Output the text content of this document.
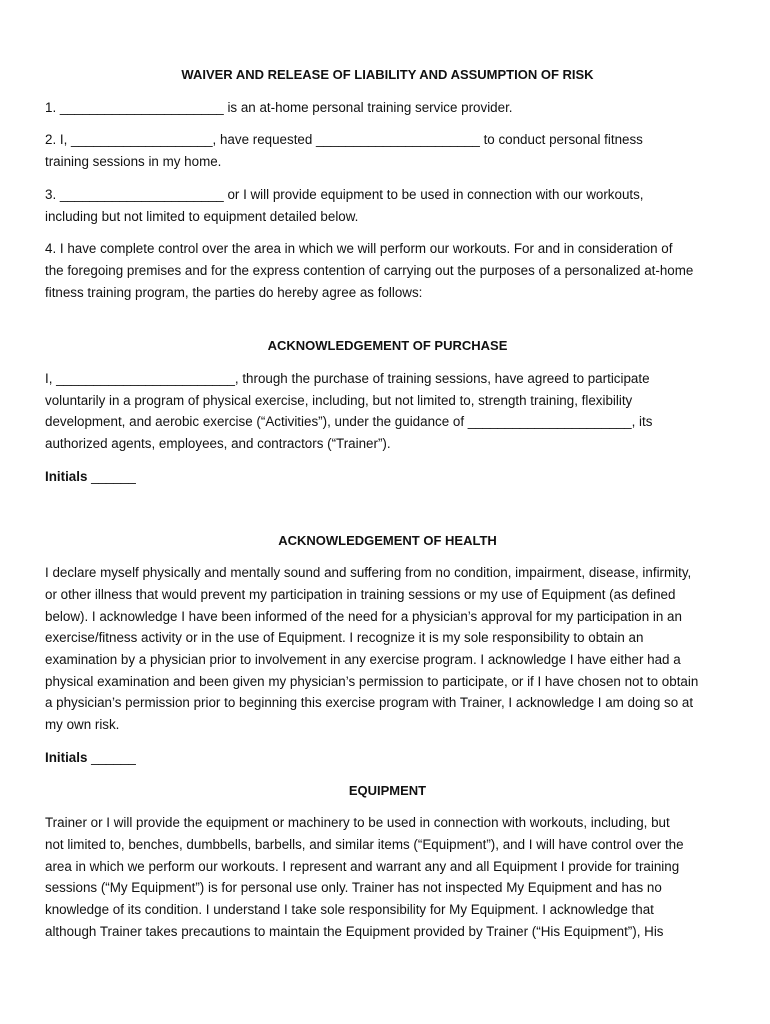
WAIVER AND RELEASE OF LIABILITY AND ASSUMPTION OF RISK
1. ______________________ is an at-home personal training service provider.
2. I, ___________________, have requested ______________________ to conduct personal fitness
training sessions in my home.
3. ______________________ or I will provide equipment to be used in connection with our workouts,
including but not limited to equipment detailed below.
4. I have complete control over the area in which we will perform our workouts. For and in consideration of
the foregoing premises and for the express contention of carrying out the purposes of a personalized at-home
fitness training program, the parties do hereby agree as follows:
ACKNOWLEDGEMENT OF PURCHASE
I, ________________________, through the purchase of training sessions, have agreed to participate
voluntarily in a program of physical exercise, including, but not limited to, strength training, flexibility
development, and aerobic exercise (“Activities”), under the guidance of ______________________, its
authorized agents, employees, and contractors (“Trainer”).
Initials ______
ACKNOWLEDGEMENT OF HEALTH
I declare myself physically and mentally sound and suffering from no condition, impairment, disease, infirmity,
or other illness that would prevent my participation in training sessions or my use of Equipment (as defined
below). I acknowledge I have been informed of the need for a physician’s approval for my participation in an
exercise/fitness activity or in the use of Equipment. I recognize it is my sole responsibility to obtain an
examination by a physician prior to involvement in any exercise program. I acknowledge I have either had a
physical examination and been given my physician’s permission to participate, or if I have chosen not to obtain
a physician’s permission prior to beginning this exercise program with Trainer, I acknowledge I am doing so at
my own risk.
Initials ______
EQUIPMENT
Trainer or I will provide the equipment or machinery to be used in connection with workouts, including, but
not limited to, benches, dumbbells, barbells, and similar items (“Equipment”), and I will have control over the
area in which we perform our workouts. I represent and warrant any and all Equipment I provide for training
sessions (“My Equipment”) is for personal use only. Trainer has not inspected My Equipment and has no
knowledge of its condition. I understand I take sole responsibility for My Equipment. I acknowledge that
although Trainer takes precautions to maintain the Equipment provided by Trainer (“His Equipment”), His
